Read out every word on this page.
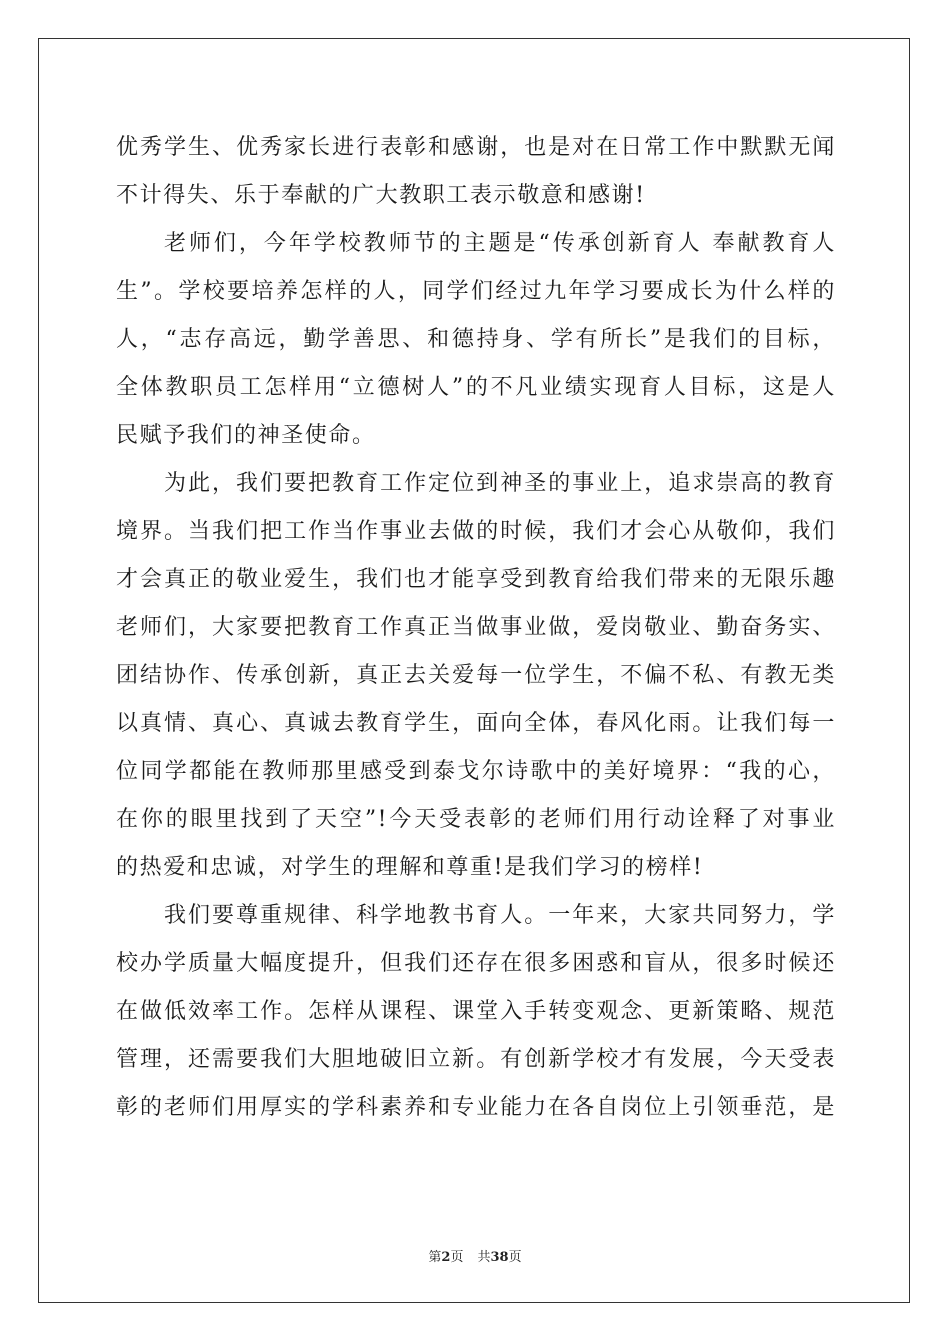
优秀学生、优秀家长进行表彰和感谢，也是对在日常工作中默默无闻
不计得失、乐于奉献的广大教职工表示敬意和感谢!
老师们，今年学校教师节的主题是“传承创新育人 奉献教育人
生”。学校要培养怎样的人，同学们经过九年学习要成长为什么样的
人，“志存高远，勤学善思、和德持身、学有所长”是我们的目标，
全体教职员工怎样用“立德树人”的不凡业绩实现育人目标，这是人
民赋予我们的神圣使命。
为此，我们要把教育工作定位到神圣的事业上，追求崇高的教育
境界。当我们把工作当作事业去做的时候，我们才会心从敬仰，我们
才会真正的敬业爱生，我们也才能享受到教育给我们带来的无限乐趣
老师们，大家要把教育工作真正当做事业做，爱岗敬业、勤奋务实、
团结协作、传承创新，真正去关爱每一位学生，不偏不私、有教无类
以真情、真心、真诚去教育学生，面向全体，春风化雨。让我们每一
位同学都能在教师那里感受到泰戈尔诗歌中的美好境界：“我的心，
在你的眼里找到了天空”!今天受表彰的老师们用行动诠释了对事业
的热爱和忠诚，对学生的理解和尊重!是我们学习的榜样!
我们要尊重规律、科学地教书育人。一年来，大家共同努力，学
校办学质量大幅度提升，但我们还存在很多困惑和盲从，很多时候还
在做低效率工作。怎样从课程、课堂入手转变观念、更新策略、规范
管理，还需要我们大胆地破旧立新。有创新学校才有发展，今天受表
彰的老师们用厚实的学科素养和专业能力在各自岗位上引领垂范，是
第2页 共38页
